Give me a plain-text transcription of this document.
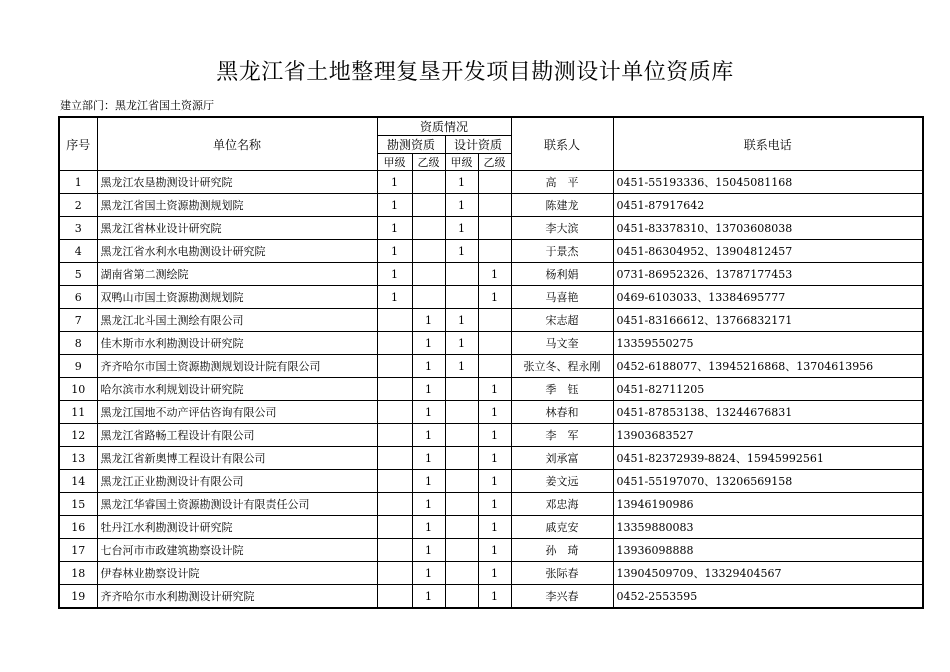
黑龙江省土地整理复垦开发项目勘测设计单位资质库
建立部门：黑龙江省国土资源厅
序号	单位名称	资质情况				联系人	联系电话
		勘测资质		设计资质			
		甲级	乙级	甲级	乙级		
1	黑龙江农垦勘测设计研究院	1		1		高　平	0451-55193336、15045081168
2	黑龙江省国土资源勘测规划院	1		1		陈建龙	0451-87917642
3	黑龙江省林业设计研究院	1		1		李大滨	0451-83378310、13703608038
4	黑龙江省水利水电勘测设计研究院	1		1		于景杰	0451-86304952、13904812457
5	湖南省第二测绘院	1			1	杨利娟	0731-86952326、13787177453
6	双鸭山市国土资源勘测规划院	1			1	马喜艳	0469-6103033、13384695777
7	黑龙江北斗国土测绘有限公司		1	1		宋志超	0451-83166612、13766832171
8	佳木斯市水利勘测设计研究院		1	1		马文奎	13359550275
9	齐齐哈尔市国土资源勘测规划设计院有限公司		1	1		张立冬、程永刚	0452-6188077、13945216868、13704613956
10	哈尔滨市水利规划设计研究院		1		1	季　钰	0451-82711205
11	黑龙江国地不动产评估咨询有限公司		1		1	林春和	0451-87853138、13244676831
12	黑龙江省路畅工程设计有限公司		1		1	李　军	13903683527
13	黑龙江省新奥博工程设计有限公司		1		1	刘承富	0451-82372939-8824、15945992561
14	黑龙江正业勘测设计有限公司		1		1	姜文远	0451-55197070、13206569158
15	黑龙江华睿国土资源勘测设计有限责任公司		1		1	邓忠海	13946190986
16	牡丹江水利勘测设计研究院		1		1	戚克安	13359880083
17	七台河市市政建筑勘察设计院		1		1	孙　琦	13936098888
18	伊春林业勘察设计院		1		1	张际春	13904509709、13329404567
19	齐齐哈尔市水利勘测设计研究院		1		1	李兴春	0452-2553595
